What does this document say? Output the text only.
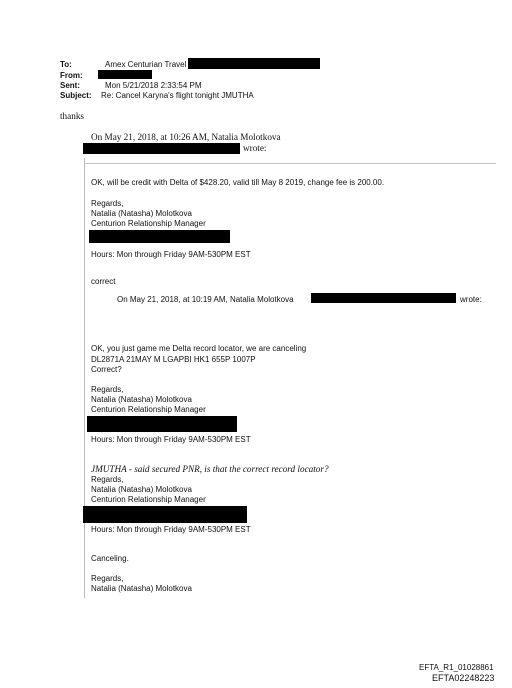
To:	Amex Centurian Travel
From:
Sent:	Mon 5/21/2018 2:33:54 PM
Subject: Re: Cancel Karyna's flight tonight JMUTHA
thanks
On May 21, 2018, at 10:26 AM, Natalia Molotkova
wrote:
OK, will be credit with Delta of $428.20, valid till May 8 2019, change fee is 200.00.
Regards,
Natalia (Natasha) Molotkova
Centurion Relationship Manager
Hours: Mon through Friday 9AM-530PM EST
correct
On May 21, 2018, at 10:19 AM, Natalia Molotkova	wrote:
OK, you just game me Delta record locator, we are canceling
DL2871A 21MAY M LGAPBI HK1 655P 1007P
Correct?
Regards,
Natalia (Natasha) Molotkova
Centurion Relationship Manager
Hours: Mon through Friday 9AM-530PM EST
JMUTHA - said secured PNR, is that the correct record locator?
Regards,
Natalia (Natasha) Molotkova
Centurion Relationship Manager
Hours: Mon through Friday 9AM-530PM EST
Canceling.
Regards,
Natalia (Natasha) Molotkova
EFTA_R1_01028861
EFTA02248223
